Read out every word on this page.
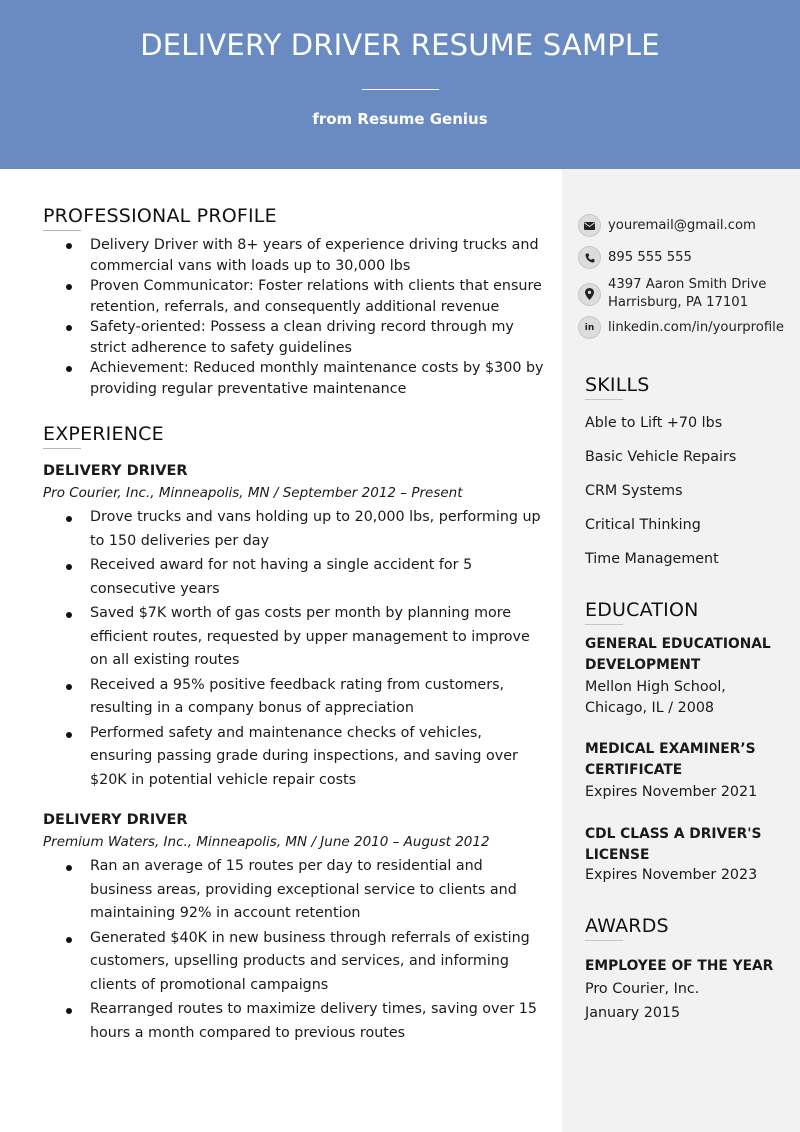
DELIVERY DRIVER RESUME SAMPLE
from Resume Genius
PROFESSIONAL PROFILE
Delivery Driver with 8+ years of experience driving trucks and commercial vans with loads up to 30,000 lbs
Proven Communicator: Foster relations with clients that ensure retention, referrals, and consequently additional revenue
Safety-oriented: Possess a clean driving record through my strict adherence to safety guidelines
Achievement: Reduced monthly maintenance costs by $300 by providing regular preventative maintenance
EXPERIENCE
DELIVERY DRIVER
Pro Courier, Inc., Minneapolis, MN / September 2012 – Present
Drove trucks and vans holding up to 20,000 lbs, performing up to 150 deliveries per day
Received award for not having a single accident for 5 consecutive years
Saved $7K worth of gas costs per month by planning more efficient routes, requested by upper management to improve on all existing routes
Received a 95% positive feedback rating from customers, resulting in a company bonus of appreciation
Performed safety and maintenance checks of vehicles, ensuring passing grade during inspections, and saving over $20K in potential vehicle repair costs
DELIVERY DRIVER
Premium Waters, Inc., Minneapolis, MN / June 2010 – August 2012
Ran an average of 15 routes per day to residential and business areas, providing exceptional service to clients and maintaining 92% in account retention
Generated $40K in new business through referrals of existing customers, upselling products and services, and informing clients of promotional campaigns
Rearranged routes to maximize delivery times, saving over 15 hours a month compared to previous routes
youremail@gmail.com
895 555 555
4397 Aaron Smith Drive
Harrisburg, PA 17101
in linkedin.com/in/yourprofile
SKILLS
Able to Lift +70 lbs
Basic Vehicle Repairs
CRM Systems
Critical Thinking
Time Management
EDUCATION
GENERAL EDUCATIONAL
DEVELOPMENT
Mellon High School,
Chicago, IL / 2008
MEDICAL EXAMINER’S
CERTIFICATE
Expires November 2021
CDL CLASS A DRIVER'S
LICENSE
Expires November 2023
AWARDS
EMPLOYEE OF THE YEAR
Pro Courier, Inc.
January 2015
